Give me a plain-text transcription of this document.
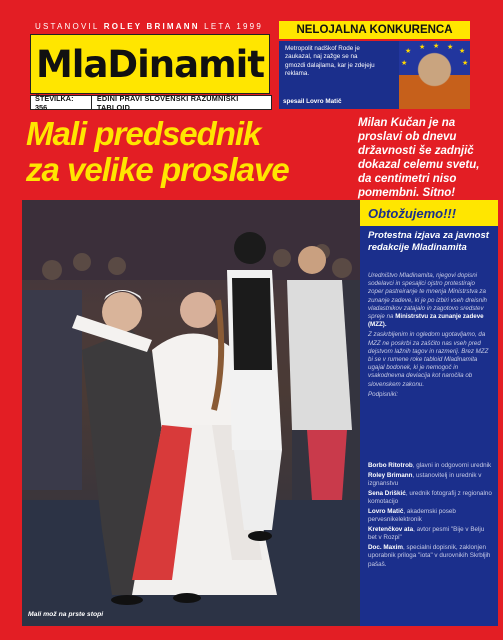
USTANOVIL ROLEY BRIMANN LETA 1999
MlaDinamit
ŠTEVILKA: 356
EDINI PRAVI SLOVENSKI RAZUMNIŠKI TABLOID
NELOJALNA KONKURENCA
Metropolit nadškof Rode je zaukazal, naj zažge se na gmozdi dalajlama, kar je zdejeju reklama.
★
★ ★ ★
★
★	★
spesail Lovro Matič
Mali predsednik
za velike proslave
Milan Kučan je na proslavi ob dnevu državnosti še zadnjič dokazal celemu svetu, da centimetri niso pomembni. Sitno!
Mali mož na prste stopi
Obtožujemo!!!
Protestna izjava za javnost redakcije Mladinamita

Uredništvo Mladinamita, njegovi dopisni sodelavci in spesajlci ojstro protestirajo zoper pastreiranje te mnenja Ministrstva za zunanje zadeve, ki je po izbiri vseh dreisnih vladastnikov zatajalo in zagotovo sredstev spreje na Ministrstvu za zunanje zadeve (MZZ).

Z zaskrbljenim in ogledom ugotavljamo, da MZZ ne poskrbi za zaščito nas vseh pred dejstvom lažnih tagov in razmerij. Brez MZZ bi se v rumene roke tabloid Mladinamita ugajal bodonek, ki je nemogoč in vsakodnevna deviacija kot naročila ob slovenskem zakonu.

Podpisniki:

Borbo Ritotrob, glavni in odgovorni urednik

Roley Brimann, ustanovitelj in urednik v izgnanstvu

Sena Driškić, urednik fotografij z regionalno komotacijo

Lovro Matič, akademski poseb pervesnikelektronik

Kretenčkov ata, avtor pesmi "Bije v Belju bet v Rozpi"

Doc. Maxim, specialni dopisnik, zaklonjen uporabnik priloga "iota" v durovnikih Skrbljih pašaš.
